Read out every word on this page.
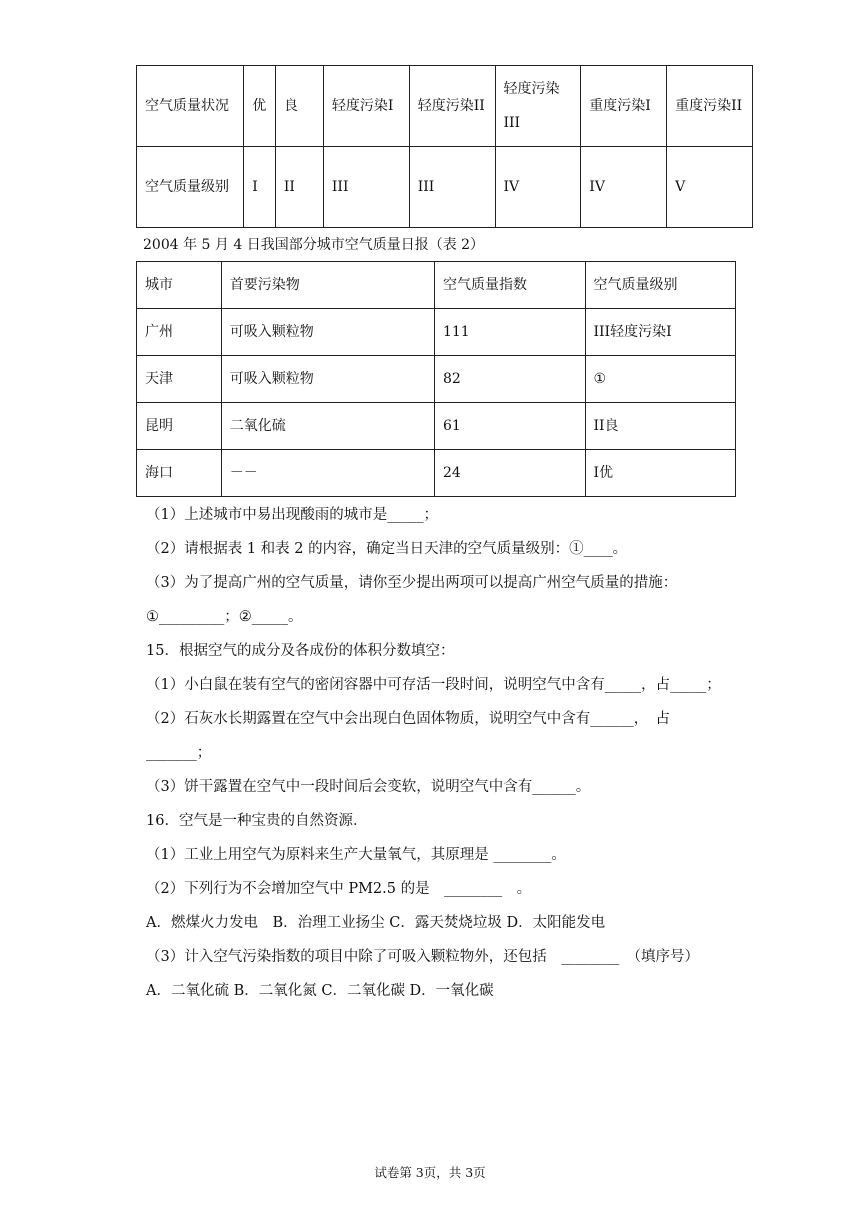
空气质量状况	优	良	轻度污染I	轻度污染II	轻度污染III	重度污染I	重度污染II
空气质量级别	I	II	III	III	IV	IV	V
2004 年 5 月 4 日我国部分城市空气质量日报（表 2）
城市	首要污染物	空气质量指数	空气质量级别
广州	可吸入颗粒物	111	III轻度污染I
天津	可吸入颗粒物	82	①
昆明	二氧化硫	61	II良
海口	－－	24	I优
（1）上述城市中易出现酸雨的城市是_____；
（2）请根据表 1 和表 2 的内容，确定当日天津的空气质量级别：①____。
（3）为了提高广州的空气质量，请你至少提出两项可以提高广州空气质量的措施：
①_________；②_____。
15．根据空气的成分及各成份的体积分数填空：
（1）小白鼠在装有空气的密闭容器中可存活一段时间，说明空气中含有_____，占_____；
（2）石灰水长期露置在空气中会出现白色固体物质，说明空气中含有______，　占
_______；
（3）饼干露置在空气中一段时间后会变软，说明空气中含有______。
16．空气是一种宝贵的自然资源．
（1）工业上用空气为原料来生产大量氧气，其原理是 ________。
（2）下列行为不会增加空气中 PM2.5 的是　________　。
A．燃煤火力发电　B．治理工业扬尘 C．露天焚烧垃圾 D．太阳能发电
（3）计入空气污染指数的项目中除了可吸入颗粒物外，还包括　________　（填序号）
A．二氧化硫 B．二氧化氮 C．二氧化碳 D．一氧化碳
试卷第 3页，共 3页
